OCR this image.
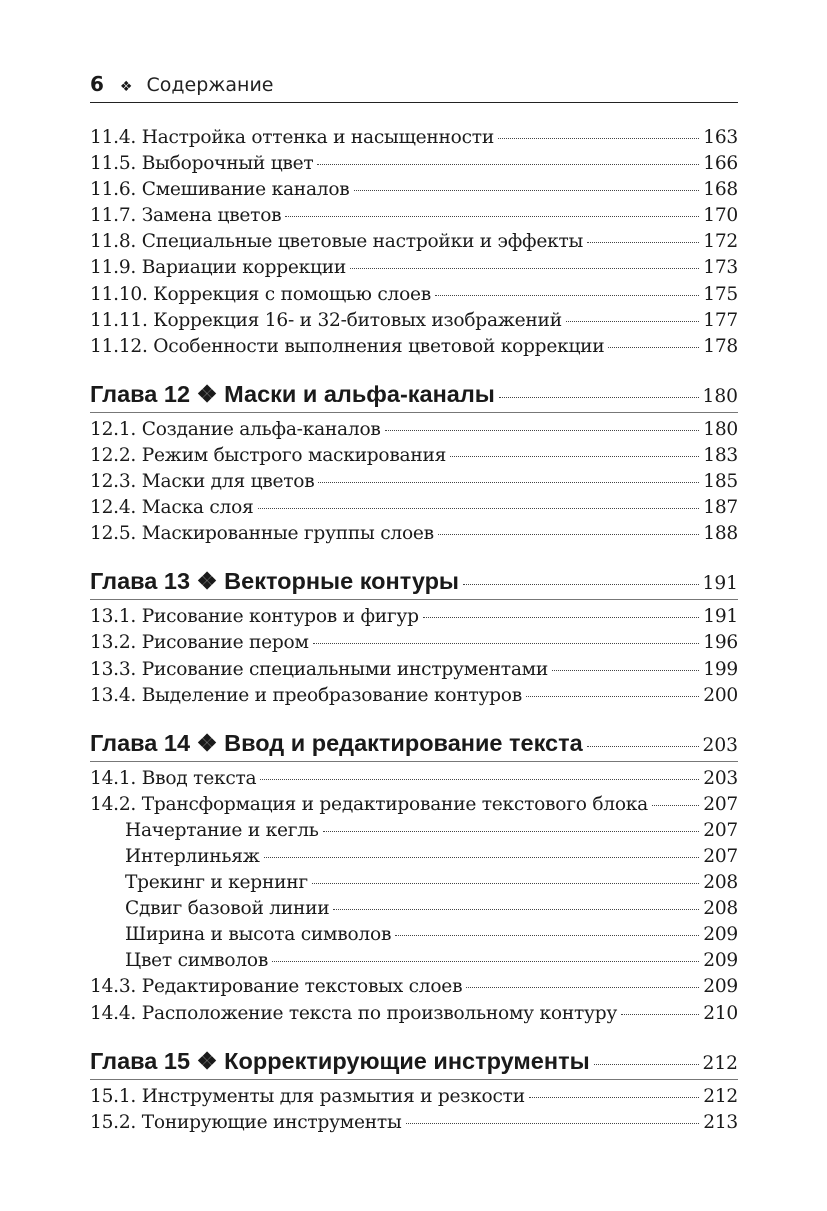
6 ❖ Содержание
11.4. Настройка оттенка и насыщенности	163
11.5. Выборочный цвет	166
11.6. Смешивание каналов	168
11.7. Замена цветов	170
11.8. Специальные цветовые настройки и эффекты	172
11.9. Вариации коррекции	173
11.10. Коррекция с помощью слоев	175
11.11. Коррекция 16- и 32-битовых изображений	177
11.12. Особенности выполнения цветовой коррекции	178
Глава 12 ❖ Маски и альфа-каналы	180
12.1. Создание альфа-каналов	180
12.2. Режим быстрого маскирования	183
12.3. Маски для цветов	185
12.4. Маска слоя	187
12.5. Маскированные группы слоев	188
Глава 13 ❖ Векторные контуры	191
13.1. Рисование контуров и фигур	191
13.2. Рисование пером	196
13.3. Рисование специальными инструментами	199
13.4. Выделение и преобразование контуров	200
Глава 14 ❖ Ввод и редактирование текста	203
14.1. Ввод текста	203
14.2. Трансформация и редактирование текстового блока	207
Начертание и кегль	207
Интерлиньяж	207
Трекинг и кернинг	208
Сдвиг базовой линии	208
Ширина и высота символов	209
Цвет символов	209
14.3. Редактирование текстовых слоев	209
14.4. Расположение текста по произвольному контуру	210
Глава 15 ❖ Корректирующие инструменты	212
15.1. Инструменты для размытия и резкости	212
15.2. Тонирующие инструменты	213
